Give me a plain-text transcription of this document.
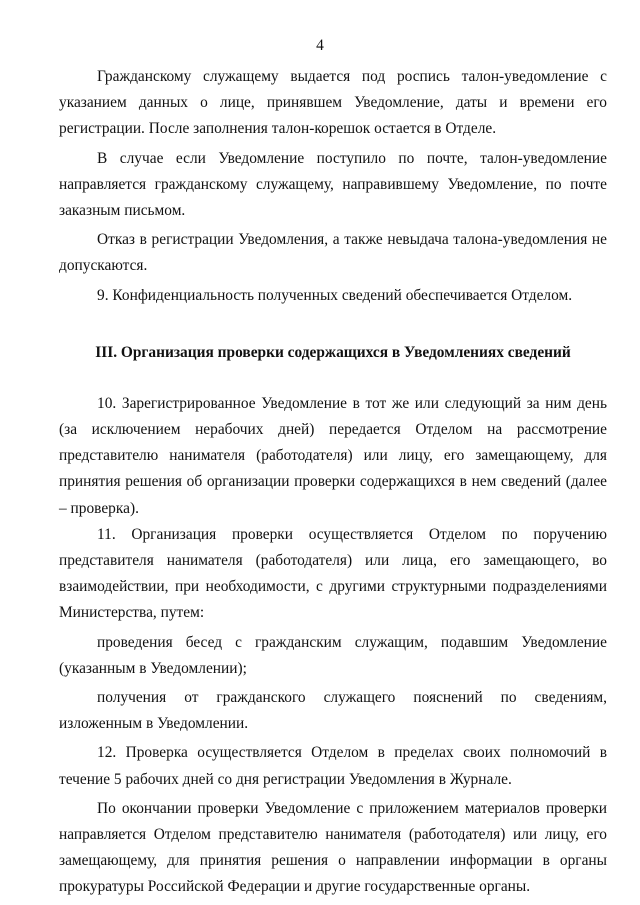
4

Гражданскому служащему выдается под роспись талон-уведомление с указанием данных о лице, принявшем Уведомление, даты и времени его регистрации. После заполнения талон-корешок остается в Отделе.

В случае если Уведомление поступило по почте, талон-уведомление направляется гражданскому служащему, направившему Уведомление, по почте заказным письмом.

Отказ в регистрации Уведомления, а также невыдача талона-уведомления не допускаются.

9. Конфиденциальность полученных сведений обеспечивается Отделом.

III. Организация проверки содержащихся в Уведомлениях сведений

10. Зарегистрированное Уведомление в тот же или следующий за ним день (за исключением нерабочих дней) передается Отделом на рассмотрение представителю нанимателя (работодателя) или лицу, его замещающему, для принятия решения об организации проверки содержащихся в нем сведений (далее – проверка).

11. Организация проверки осуществляется Отделом по поручению представителя нанимателя (работодателя) или лица, его замещающего, во взаимодействии, при необходимости, с другими структурными подразделениями Министерства, путем:

проведения бесед с гражданским служащим, подавшим Уведомление (указанным в Уведомлении);

получения от гражданского служащего пояснений по сведениям, изложенным в Уведомлении.

12. Проверка осуществляется Отделом в пределах своих полномочий в течение 5 рабочих дней со дня регистрации Уведомления в Журнале.

По окончании проверки Уведомление с приложением материалов проверки направляется Отделом представителю нанимателя (работодателя) или лицу, его замещающему, для принятия решения о направлении информации в органы прокуратуры Российской Федерации и другие государственные органы.
